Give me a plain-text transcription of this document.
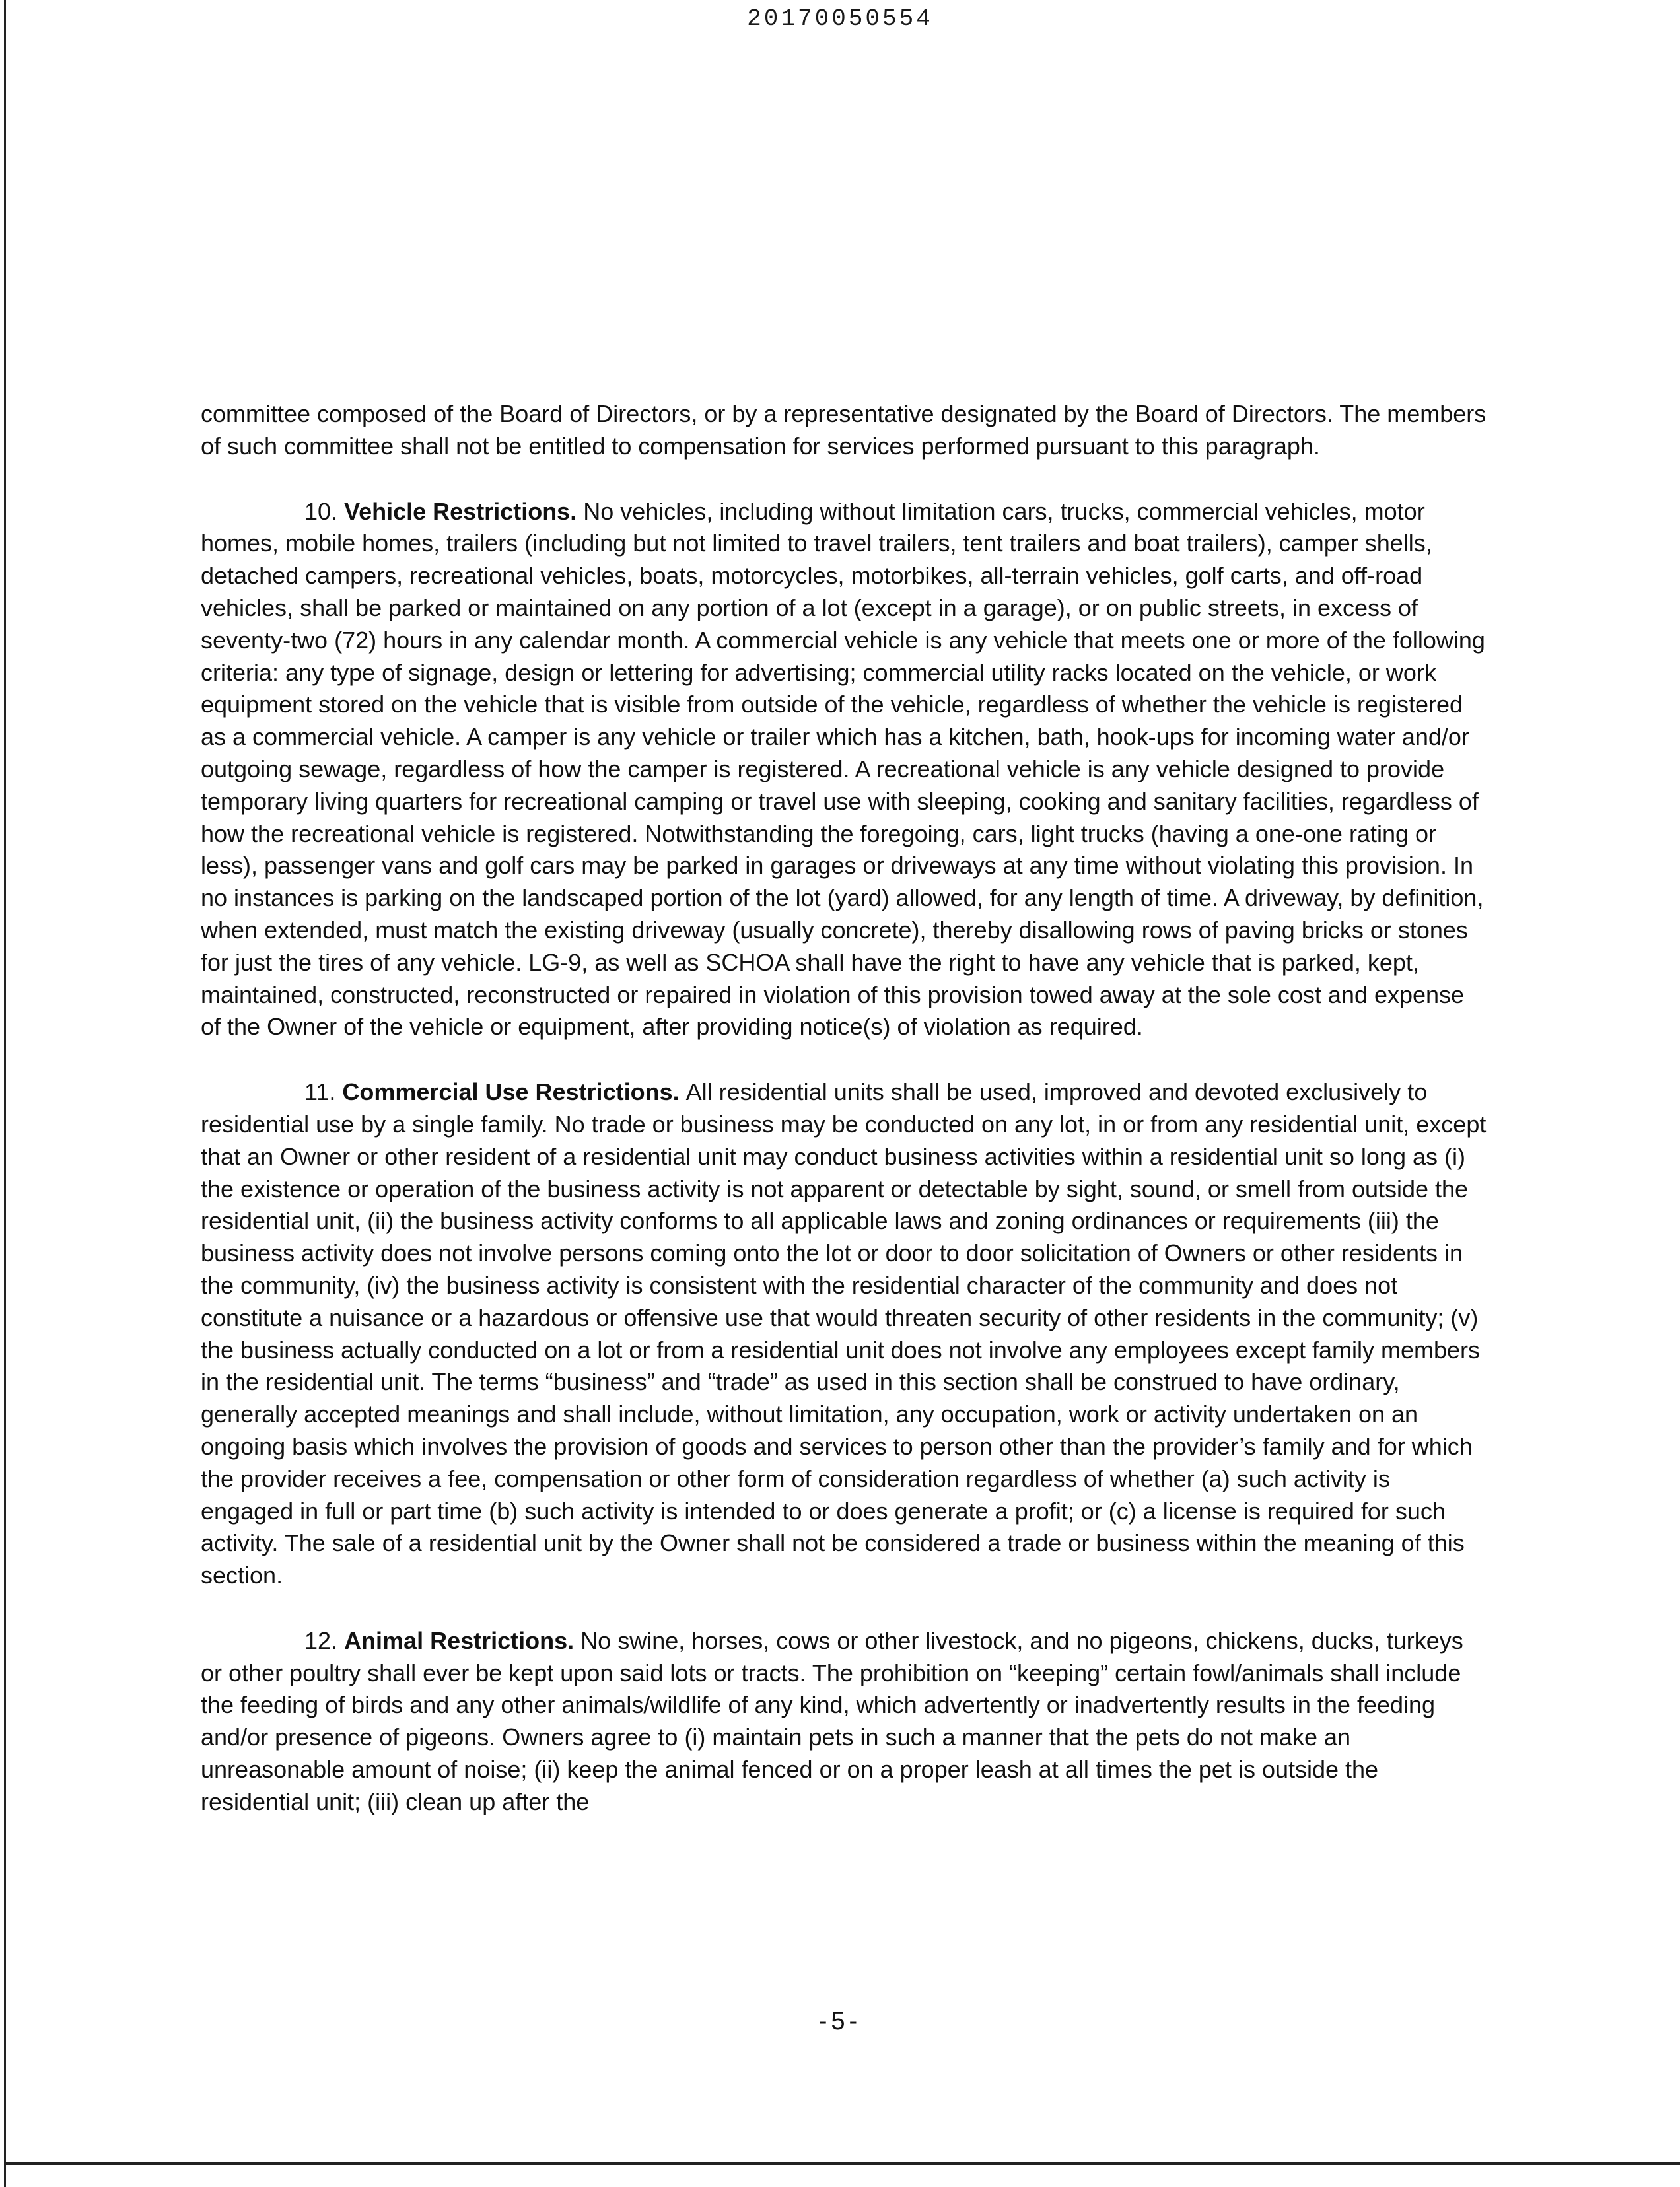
20170050554

committee composed of the Board of Directors, or by a representative designated by the Board of Directors. The members of such committee shall not be entitled to compensation for services performed pursuant to this paragraph.

10. Vehicle Restrictions. No vehicles, including without limitation cars, trucks, commercial vehicles, motor homes, mobile homes, trailers (including but not limited to travel trailers, tent trailers and boat trailers), camper shells, detached campers, recreational vehicles, boats, motorcycles, motorbikes, all-terrain vehicles, golf carts, and off-road vehicles, shall be parked or maintained on any portion of a lot (except in a garage), or on public streets, in excess of seventy-two (72) hours in any calendar month. A commercial vehicle is any vehicle that meets one or more of the following criteria: any type of signage, design or lettering for advertising; commercial utility racks located on the vehicle, or work equipment stored on the vehicle that is visible from outside of the vehicle, regardless of whether the vehicle is registered as a commercial vehicle. A camper is any vehicle or trailer which has a kitchen, bath, hook-ups for incoming water and/or outgoing sewage, regardless of how the camper is registered. A recreational vehicle is any vehicle designed to provide temporary living quarters for recreational camping or travel use with sleeping, cooking and sanitary facilities, regardless of how the recreational vehicle is registered. Notwithstanding the foregoing, cars, light trucks (having a one-one rating or less), passenger vans and golf cars may be parked in garages or driveways at any time without violating this provision. In no instances is parking on the landscaped portion of the lot (yard) allowed, for any length of time. A driveway, by definition, when extended, must match the existing driveway (usually concrete), thereby disallowing rows of paving bricks or stones for just the tires of any vehicle. LG-9, as well as SCHOA shall have the right to have any vehicle that is parked, kept, maintained, constructed, reconstructed or repaired in violation of this provision towed away at the sole cost and expense of the Owner of the vehicle or equipment, after providing notice(s) of violation as required.

11. Commercial Use Restrictions. All residential units shall be used, improved and devoted exclusively to residential use by a single family. No trade or business may be conducted on any lot, in or from any residential unit, except that an Owner or other resident of a residential unit may conduct business activities within a residential unit so long as (i) the existence or operation of the business activity is not apparent or detectable by sight, sound, or smell from outside the residential unit, (ii) the business activity conforms to all applicable laws and zoning ordinances or requirements (iii) the business activity does not involve persons coming onto the lot or door to door solicitation of Owners or other residents in the community, (iv) the business activity is consistent with the residential character of the community and does not constitute a nuisance or a hazardous or offensive use that would threaten security of other residents in the community; (v) the business actually conducted on a lot or from a residential unit does not involve any employees except family members in the residential unit. The terms “business” and “trade” as used in this section shall be construed to have ordinary, generally accepted meanings and shall include, without limitation, any occupation, work or activity undertaken on an ongoing basis which involves the provision of goods and services to person other than the provider’s family and for which the provider receives a fee, compensation or other form of consideration regardless of whether (a) such activity is engaged in full or part time (b) such activity is intended to or does generate a profit; or (c) a license is required for such activity. The sale of a residential unit by the Owner shall not be considered a trade or business within the meaning of this section.

12. Animal Restrictions. No swine, horses, cows or other livestock, and no pigeons, chickens, ducks, turkeys or other poultry shall ever be kept upon said lots or tracts. The prohibition on “keeping” certain fowl/animals shall include the feeding of birds and any other animals/wildlife of any kind, which advertently or inadvertently results in the feeding and/or presence of pigeons. Owners agree to (i) maintain pets in such a manner that the pets do not make an unreasonable amount of noise; (ii) keep the animal fenced or on a proper leash at all times the pet is outside the residential unit; (iii) clean up after the

-5-
